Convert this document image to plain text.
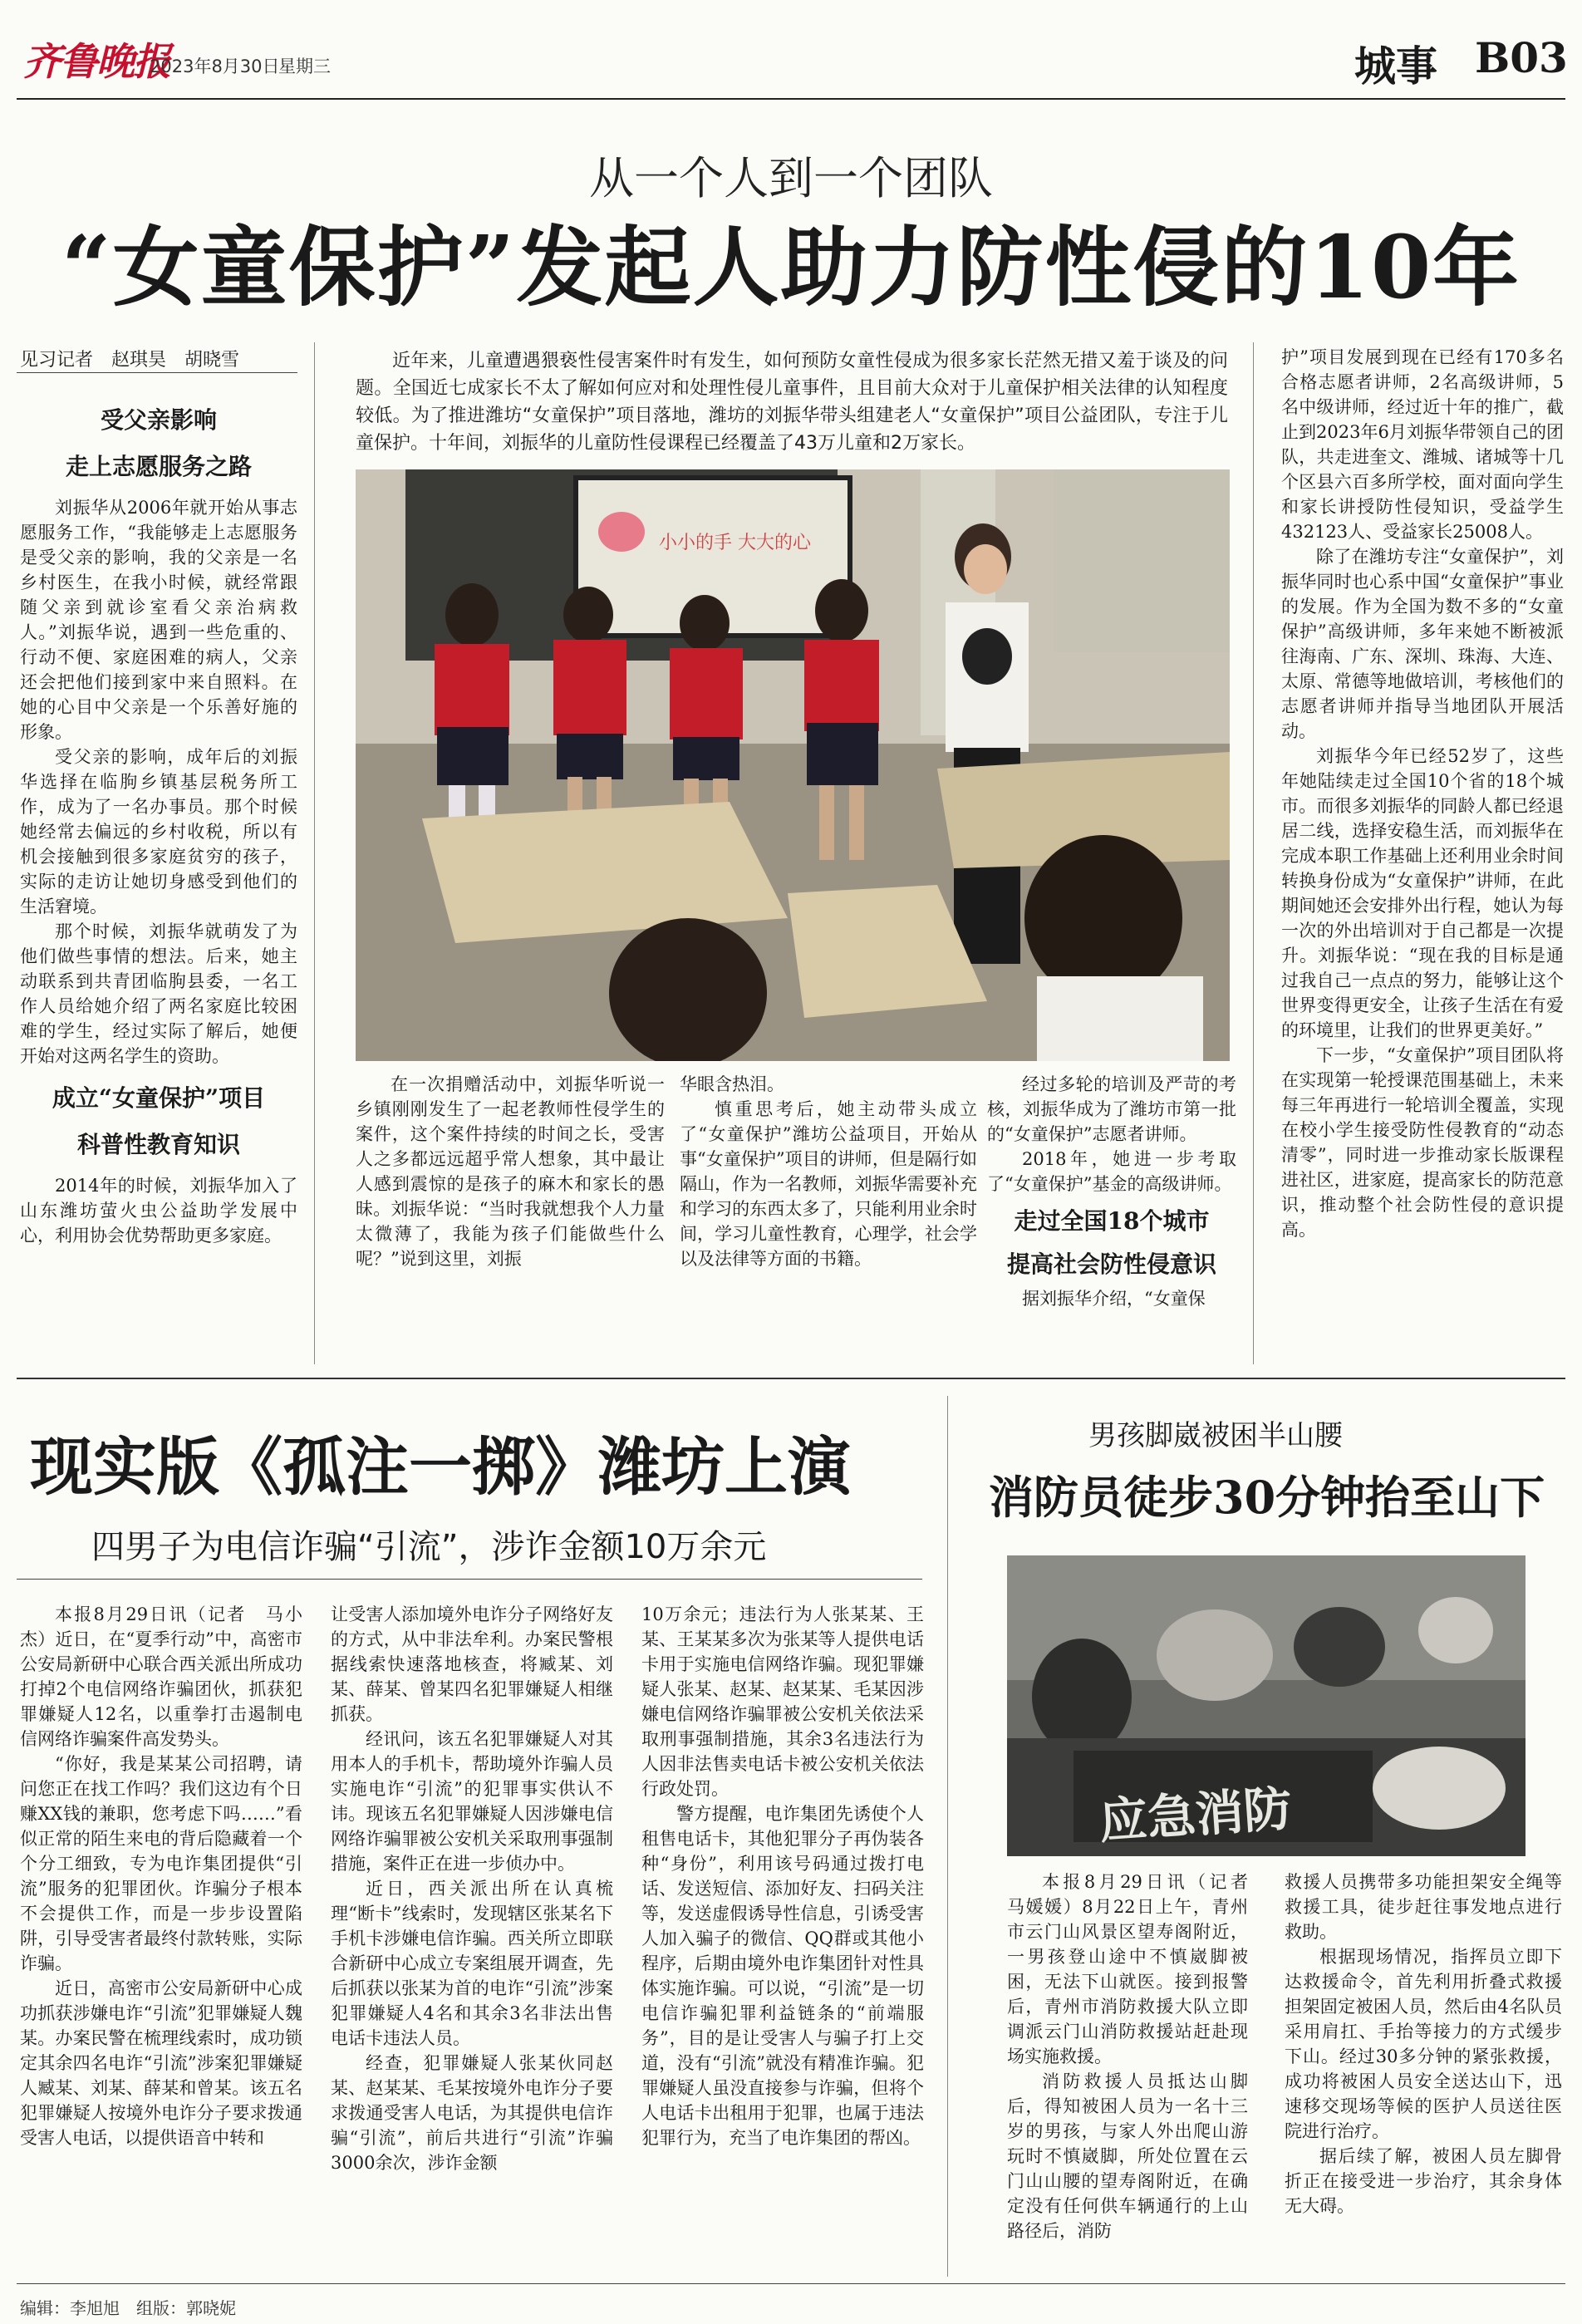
齐鲁晚报
2023年8月30日
星期三	城事 B03
从一个人到一个团队
“女童保护”发起人助力防性侵的10年
见习记者　赵琪昊　胡晓雪
受父亲影响
走上志愿服务之路

刘振华从2006年就开始从事志愿服务工作，“我能够走上志愿服务是受父亲的影响，我的父亲是一名乡村医生，在我小时候，就经常跟随父亲到就诊室看父亲治病救人。”刘振华说，遇到一些危重的、行动不便、家庭困难的病人，父亲还会把他们接到家中来自照料。在她的心目中父亲是一个乐善好施的形象。

受父亲的影响，成年后的刘振华选择在临朐乡镇基层税务所工作，成为了一名办事员。那个时候她经常去偏远的乡村收税，所以有机会接触到很多家庭贫穷的孩子，实际的走访让她切身感受到他们的生活窘境。

那个时候，刘振华就萌发了为他们做些事情的想法。后来，她主动联系到共青团临朐县委，一名工作人员给她介绍了两名家庭比较困难的学生，经过实际了解后，她便开始对这两名学生的资助。

成立“女童保护”项目
科普性教育知识

2014年的时候，刘振华加入了山东潍坊萤火虫公益助学发展中心，利用协会优势帮助更多家庭。

近年来，儿童遭遇猥亵性侵害案件时有发生，如何预防女童性侵成为很多家长茫然无措又羞于谈及的问题。全国近七成家长不太了解如何应对和处理性侵儿童事件，且目前大众对于儿童保护相关法律的认知程度较低。为了推进潍坊“女童保护”项目落地，潍坊的刘振华带头组建老人“女童保护”项目公益团队，专注于儿童保护。十年间，刘振华的儿童防性侵课程已经覆盖了43万儿童和2万家长。

小小的手 大大的心

在一次捐赠活动中，刘振华听说一乡镇刚刚发生了一起老教师性侵学生的案件，这个案件持续的时间之长，受害人之多都远远超乎常人想象，其中最让人感到震惊的是孩子的麻木和家长的愚昧。刘振华说：“当时我就想我个人力量太微薄了，我能为孩子们能做些什么呢？”说到这里，刘振

华眼含热泪。

慎重思考后，她主动带头成立了“女童保护”潍坊公益项目，开始从事“女童保护”项目的讲师，但是隔行如隔山，作为一名教师，刘振华需要补充和学习的东西太多了，只能利用业余时间，学习儿童性教育，心理学，社会学以及法律等方面的书籍。

经过多轮的培训及严苛的考核，刘振华成为了潍坊市第一批的“女童保护”志愿者讲师。

2018年，她进一步考取了“女童保护”基金的高级讲师。

走过全国18个城市
提高社会防性侵意识

据刘振华介绍，“女童保

护”项目发展到现在已经有170多名合格志愿者讲师，2名高级讲师，5名中级讲师，经过近十年的推广，截止到2023年6月刘振华带领自己的团队，共走进奎文、潍城、诸城等十几个区县六百多所学校，面对面向学生和家长讲授防性侵知识，受益学生432123人、受益家长25008人。

除了在潍坊专注“女童保护”，刘振华同时也心系中国“女童保护”事业的发展。作为全国为数不多的“女童保护”高级讲师，多年来她不断被派往海南、广东、深圳、珠海、大连、太原、常德等地做培训，考核他们的志愿者讲师并指导当地团队开展活动。

刘振华今年已经52岁了，这些年她陆续走过全国10个省的18个城市。而很多刘振华的同龄人都已经退居二线，选择安稳生活，而刘振华在完成本职工作基础上还利用业余时间转换身份成为“女童保护”讲师，在此期间她还会安排外出行程，她认为每一次的外出培训对于自己都是一次提升。刘振华说：“现在我的目标是通过我自己一点点的努力，能够让这个世界变得更安全，让孩子生活在有爱的环境里，让我们的世界更美好。”

下一步，“女童保护”项目团队将在实现第一轮授课范围基础上，未来每三年再进行一轮培训全覆盖，实现在校小学生接受防性侵教育的“动态清零”，同时进一步推动家长版课程进社区，进家庭，提高家长的防范意识，推动整个社会防性侵的意识提高。

现实版《孤注一掷》潍坊上演
四男子为电信诈骗“引流”，涉诈金额10万余元

本报8月29日讯（记者　马小杰）近日，在“夏季行动”中，高密市公安局新研中心联合西关派出所成功打掉2个电信网络诈骗团伙，抓获犯罪嫌疑人12名，以重拳打击遏制电信网络诈骗案件高发势头。

“你好，我是某某公司招聘，请问您正在找工作吗？我们这边有个日赚XX钱的兼职，您考虑下吗……”看似正常的陌生来电的背后隐藏着一个个分工细致，专为电诈集团提供“引流”服务的犯罪团伙。诈骗分子根本不会提供工作，而是一步步设置陷阱，引导受害者最终付款转账，实际诈骗。

近日，高密市公安局新研中心成功抓获涉嫌电诈“引流”犯罪嫌疑人魏某。办案民警在梳理线索时，成功锁定其余四名电诈“引流”涉案犯罪嫌疑人臧某、刘某、薛某和曾某。该五名犯罪嫌疑人按境外电诈分子要求拨通受害人电话，以提供语音中转和

让受害人添加境外电诈分子网络好友的方式，从中非法牟利。办案民警根据线索快速落地核查，将臧某、刘某、薛某、曾某四名犯罪嫌疑人相继抓获。

经讯问，该五名犯罪嫌疑人对其用本人的手机卡，帮助境外诈骗人员实施电诈“引流”的犯罪事实供认不讳。现该五名犯罪嫌疑人因涉嫌电信网络诈骗罪被公安机关采取刑事强制措施，案件正在进一步侦办中。

近日，西关派出所在认真梳理“断卡”线索时，发现辖区张某名下手机卡涉嫌电信诈骗。西关所立即联合新研中心成立专案组展开调查，先后抓获以张某为首的电诈“引流”涉案犯罪嫌疑人4名和其余3名非法出售电话卡违法人员。

经查，犯罪嫌疑人张某伙同赵某、赵某某、毛某按境外电诈分子要求拨通受害人电话，为其提供电信诈骗“引流”，前后共进行“引流”诈骗3000余次，涉诈金额

10万余元；违法行为人张某某、王某、王某某多次为张某等人提供电话卡用于实施电信网络诈骗。现犯罪嫌疑人张某、赵某、赵某某、毛某因涉嫌电信网络诈骗罪被公安机关依法采取刑事强制措施，其余3名违法行为人因非法售卖电话卡被公安机关依法行政处罚。

警方提醒，电诈集团先诱使个人租售电话卡，其他犯罪分子再伪装各种“身份”，利用该号码通过拨打电话、发送短信、添加好友、扫码关注等，发送虚假诱导性信息，引诱受害人加入骗子的微信、QQ群或其他小程序，后期由境外电诈集团针对性具体实施诈骗。可以说，“引流”是一切电信诈骗犯罪利益链条的“前端服务”，目的是让受害人与骗子打上交道，没有“引流”就没有精准诈骗。犯罪嫌疑人虽没直接参与诈骗，但将个人电话卡出租用于犯罪，也属于违法犯罪行为，充当了电诈集团的帮凶。

男孩脚崴被困半山腰
消防员徒步30分钟抬至山下
应急消防

本报8月29日讯（记者　马媛媛）8月22日上午，青州市云门山风景区望寿阁附近，一男孩登山途中不慎崴脚被困，无法下山就医。接到报警后，青州市消防救援大队立即调派云门山消防救援站赶赴现场实施救援。

消防救援人员抵达山脚后，得知被困人员为一名十三岁的男孩，与家人外出爬山游玩时不慎崴脚，所处位置在云门山山腰的望寿阁附近，在确定没有任何供车辆通行的上山路径后，消防

救援人员携带多功能担架安全绳等救援工具，徒步赶往事发地点进行救助。

根据现场情况，指挥员立即下达救援命令，首先利用折叠式救援担架固定被困人员，然后由4名队员采用肩扛、手抬等接力的方式缓步下山。经过30多分钟的紧张救援，成功将被困人员安全送达山下，迅速移交现场等候的医护人员送往医院进行治疗。

据后续了解，被困人员左脚骨折正在接受进一步治疗，其余身体无大碍。

编辑：李旭旭　组版：郭晓妮
